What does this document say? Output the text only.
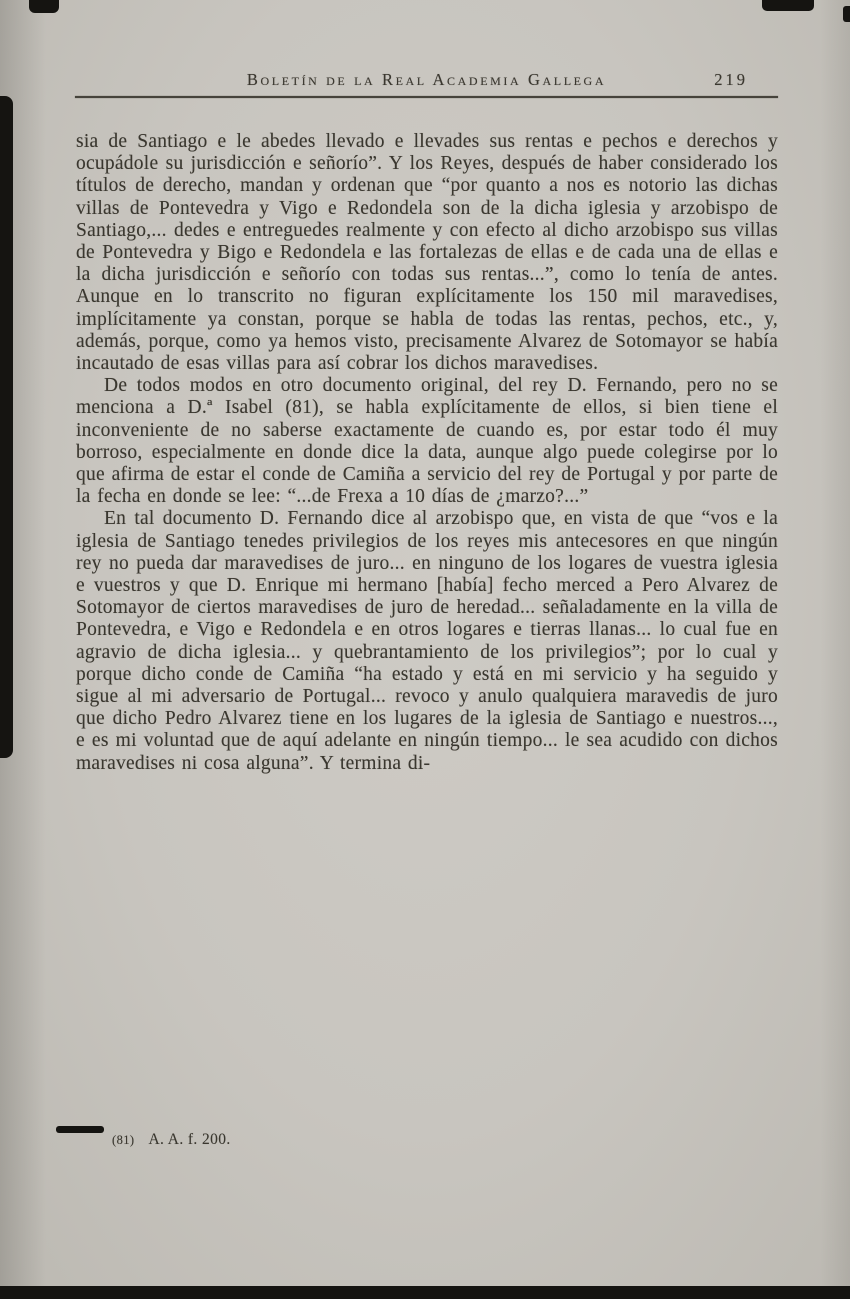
Boletín de la Real Academia Gallega	219

sia de Santiago e le abedes llevado e llevades sus rentas e pechos e derechos y ocupádole su jurisdicción e señorío”. Y los Reyes, después de haber considerado los títulos de derecho, mandan y ordenan que “por quanto a nos es notorio las dichas villas de Pontevedra y Vigo e Redondela son de la dicha iglesia y arzobispo de Santiago,... dedes e entreguedes realmente y con efecto al dicho arzobispo sus villas de Pontevedra y Bigo e Redondela e las fortalezas de ellas e de cada una de ellas e la dicha jurisdicción e señorío con todas sus rentas...”, como lo tenía de antes. Aunque en lo transcrito no figuran explícitamente los 150 mil maravedises, implícitamente ya constan, porque se habla de todas las rentas, pechos, etc., y, además, porque, como ya hemos visto, precisamente Alvarez de Sotomayor se había incautado de esas villas para así cobrar los dichos maravedises.

De todos modos en otro documento original, del rey D. Fernando, pero no se menciona a D.ª Isabel (81), se habla explícitamente de ellos, si bien tiene el inconveniente de no saberse exactamente de cuando es, por estar todo él muy borroso, especialmente en donde dice la data, aunque algo puede colegirse por lo que afirma de estar el conde de Camiña a servicio del rey de Portugal y por parte de la fecha en donde se lee: “...de Frexa a 10 días de ¿marzo?...”

En tal documento D. Fernando dice al arzobispo que, en vista de que “vos e la iglesia de Santiago tenedes privilegios de los reyes mis antecesores en que ningún rey no pueda dar maravedises de juro... en ninguno de los logares de vuestra iglesia e vuestros y que D. Enrique mi hermano [había] fecho merced a Pero Alvarez de Sotomayor de ciertos maravedises de juro de heredad... señaladamente en la villa de Pontevedra, e Vigo e Redondela e en otros logares e tierras llanas... lo cual fue en agravio de dicha iglesia... y quebrantamiento de los privilegios”; por lo cual y porque dicho conde de Camiña “ha estado y está en mi servicio y ha seguido y sigue al mi adversario de Portugal... revoco y anulo qualquiera maravedis de juro que dicho Pedro Alvarez tiene en los lugares de la iglesia de Santiago e nuestros..., e es mi voluntad que de aquí adelante en ningún tiempo... le sea acudido con dichos maravedises ni cosa alguna”. Y termina di-

(81) A. A. f. 200.
